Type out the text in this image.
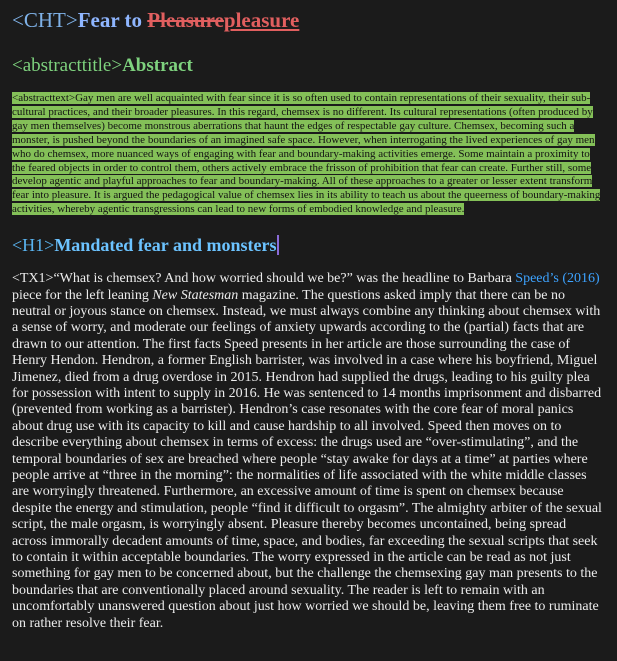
<CHT>Fear to Pleasurepleasure
<abstracttitle>Abstract
<abstracttext>Gay men are well acquainted with fear since it is so often used to contain representations of their sexuality, their sub-cultural practices, and their broader pleasures. In this regard, chemsex is no different. Its cultural representations (often produced by gay men themselves) become monstrous aberrations that haunt the edges of respectable gay culture. Chemsex, becoming such a monster, is pushed beyond the boundaries of an imagined safe space. However, when interrogating the lived experiences of gay men who do chemsex, more nuanced ways of engaging with fear and boundary-making activities emerge. Some maintain a proximity to the feared objects in order to control them, others actively embrace the frisson of prohibition that fear can create. Further still, some develop agentic and playful approaches to fear and boundary-making. All of these approaches to a greater or lesser extent transform fear into pleasure. It is argued the pedagogical value of chemsex lies in its ability to teach us about the queerness of boundary-making activities, whereby agentic transgressions can lead to new forms of embodied knowledge and pleasure.
<H1>Mandated fear and monsters
<TX1>“What is chemsex? And how worried should we be?” was the headline to Barbara Speed’s (2016) piece for the left leaning New Statesman magazine. The questions asked imply that there can be no neutral or joyous stance on chemsex. Instead, we must always combine any thinking about chemsex with a sense of worry, and moderate our feelings of anxiety upwards according to the (partial) facts that are drawn to our attention. The first facts Speed presents in her article are those surrounding the case of Henry Hendon. Hendron, a former English barrister, was involved in a case where his boyfriend, Miguel Jimenez, died from a drug overdose in 2015. Hendron had supplied the drugs, leading to his guilty plea for possession with intent to supply in 2016. He was sentenced to 14 months imprisonment and disbarred (prevented from working as a barrister). Hendron’s case resonates with the core fear of moral panics about drug use with its capacity to kill and cause hardship to all involved. Speed then moves on to describe everything about chemsex in terms of excess: the drugs used are “over-stimulating”, and the temporal boundaries of sex are breached where people “stay awake for days at a time” at parties where people arrive at “three in the morning”: the normalities of life associated with the white middle classes are worryingly threatened. Furthermore, an excessive amount of time is spent on chemsex because despite the energy and stimulation, people “find it difficult to orgasm”. The almighty arbiter of the sexual script, the male orgasm, is worryingly absent. Pleasure thereby becomes uncontained, being spread across immorally decadent amounts of time, space, and bodies, far exceeding the sexual scripts that seek to contain it within acceptable boundaries. The worry expressed in the article can be read as not just something for gay men to be concerned about, but the challenge the chemsexing gay man presents to the boundaries that are conventionally placed around sexuality. The reader is left to remain with an uncomfortably unanswered question about just how worried we should be, leaving them free to ruminate on rather resolve their fear.
